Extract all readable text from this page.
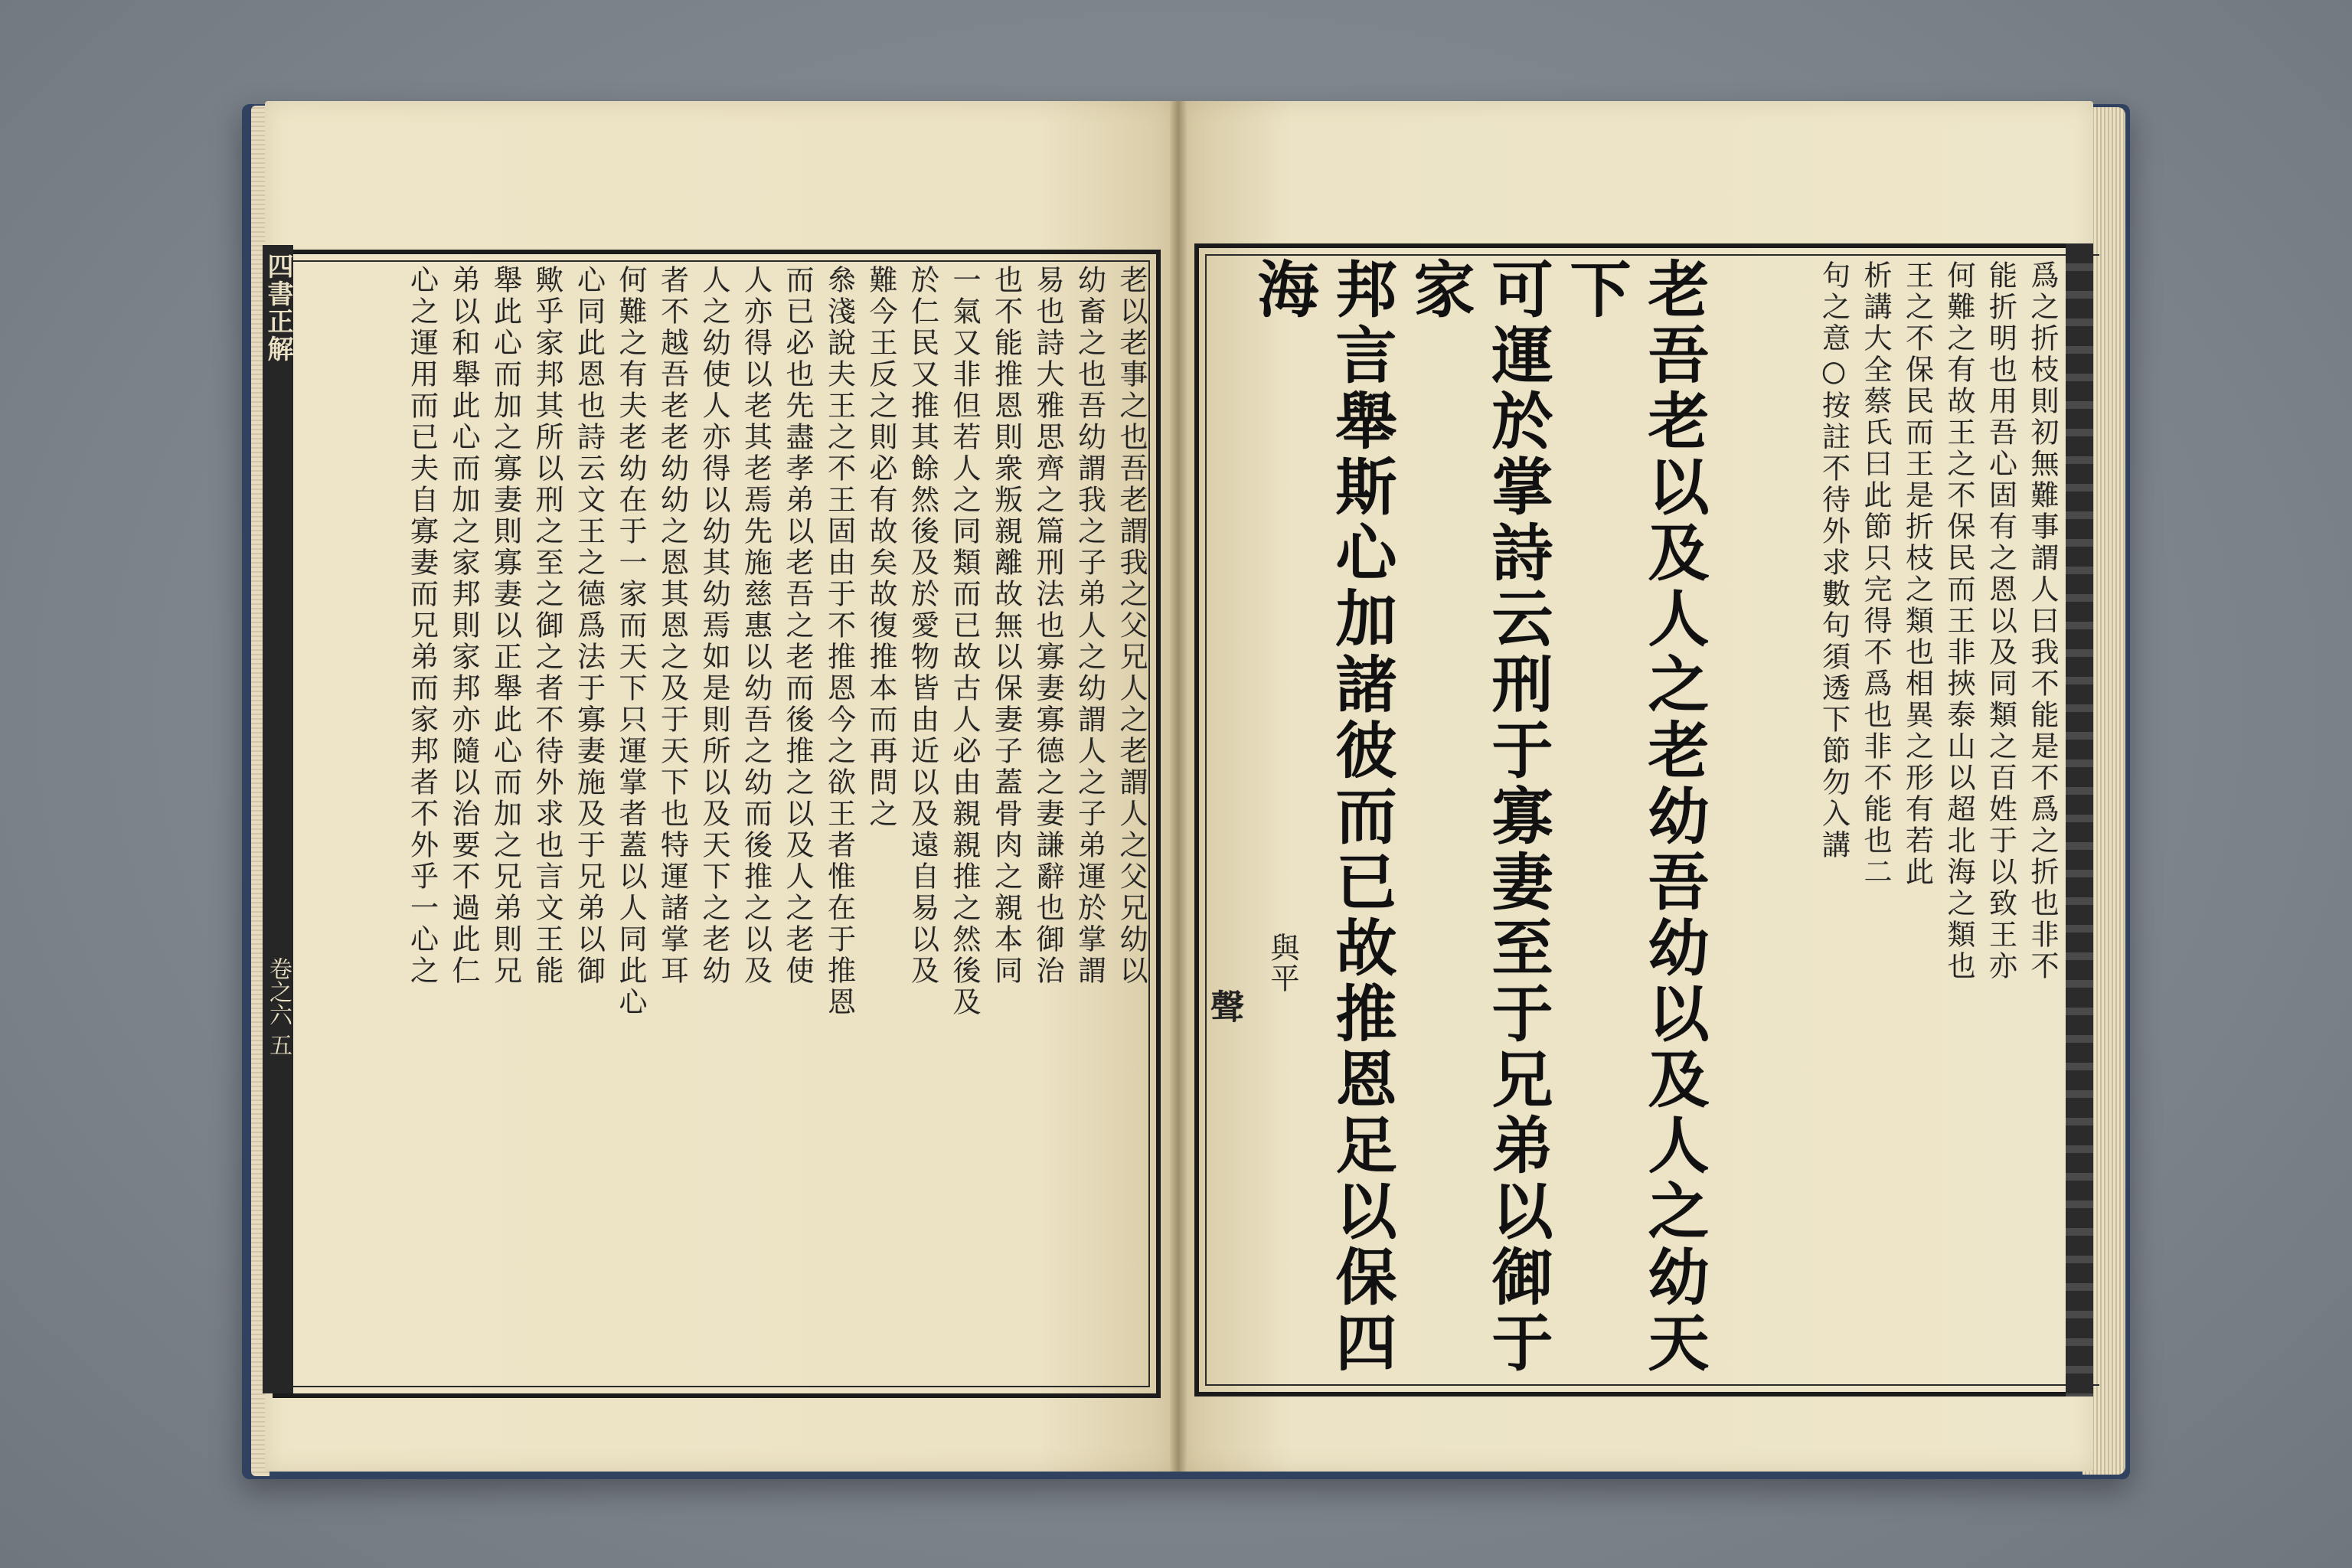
四書正解
卷之六 五
老以老事之也吾老謂我之父兄人之老謂人之父兄幼以
幼畜之也吾幼謂我之子弟人之幼謂人之子弟運於掌謂
易也詩大雅思齊之篇刑法也寡妻寡德之妻謙辭也御治
也不能推恩則衆叛親離故無以保妻子蓋骨肉之親本同
一氣又非但若人之同類而已故古人必由親親推之然後及
於仁民又推其餘然後及於愛物皆由近以及遠自易以及
難今王反之則必有故矣故復推本而再問之
叅淺說夫王之不王固由于不推恩今之欲王者惟在于推恩
而已必也先盡孝弟以老吾之老而後推之以及人之老使
人亦得以老其老焉先施慈惠以幼吾之幼而後推之以及
人之幼使人亦得以幼其幼焉如是則所以及天下之老幼
者不越吾老老幼幼之恩其恩之及于天下也特運諸掌耳
何難之有夫老幼在于一家而天下只運掌者蓋以人同此心
心同此恩也詩云文王之德爲法于寡妻施及于兄弟以御
歟乎家邦其所以刑之至之御之者不待外求也言文王能
舉此心而加之寡妻則寡妻以正舉此心而加之兄弟則兄
弟以和舉此心而加之家邦則家邦亦隨以治要不過此仁
心之運用而已夫自寡妻而兄弟而家邦者不外乎一心之	爲之折枝則初無難事謂人曰我不能是不爲之折也非不
能折明也用吾心固有之恩以及同類之百姓于以致王亦
何難之有故王之不保民而王非挾泰山以超北海之類也
王之不保民而王是折枝之類也相異之形有若此
析講大全蔡氏曰此節只完得不爲也非不能也二
句之意○按註不待外求數句須透下節勿入講
老吾老以及人之老幼吾幼以及人之幼天下
可運於掌詩云刑于寡妻至于兄弟以御于家
邦言舉斯心加諸彼而已故推恩足以保四海
與平
聲
